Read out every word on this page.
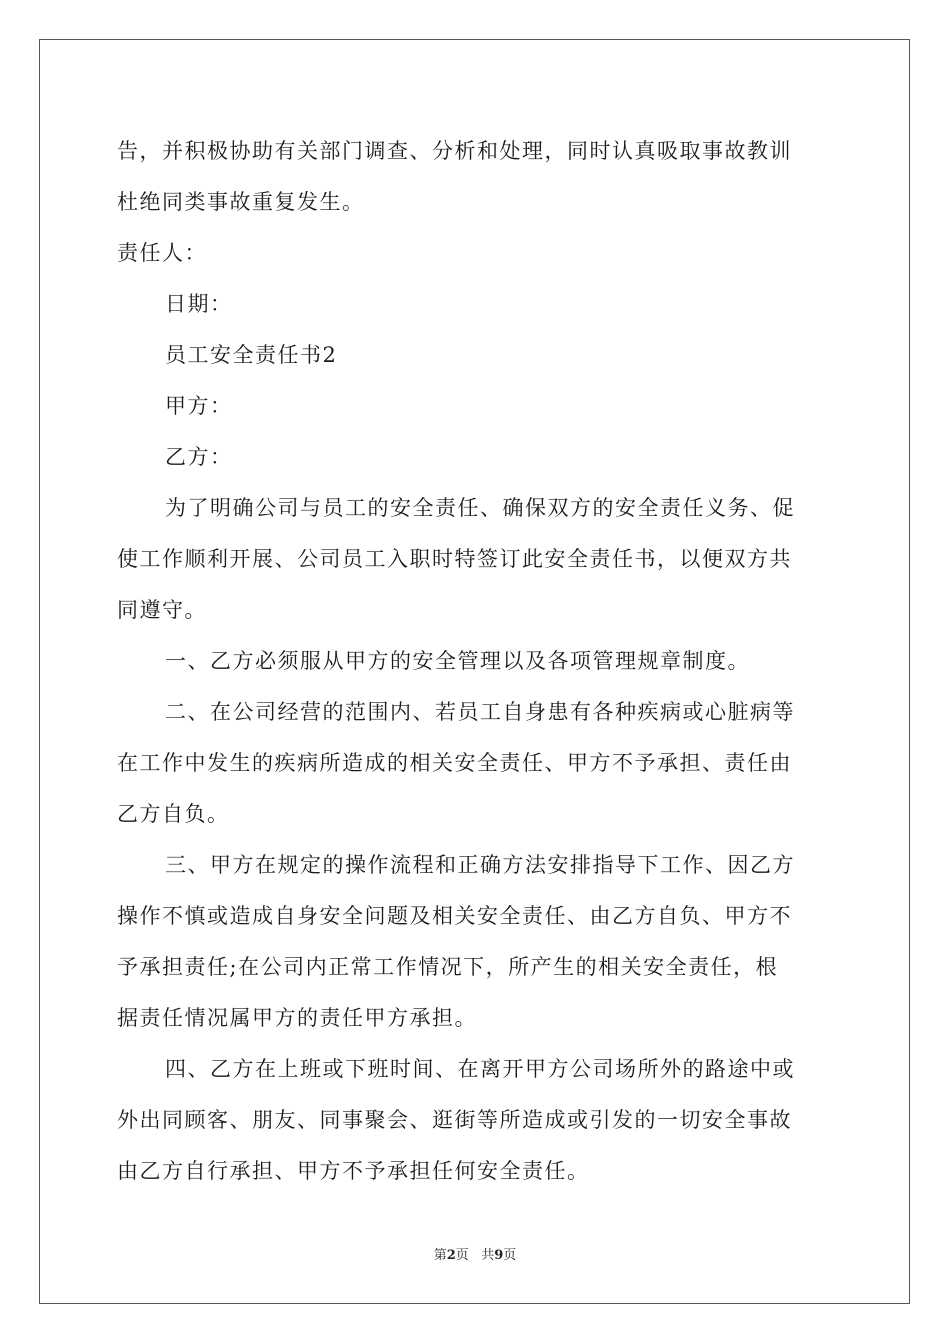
告，并积极协助有关部门调查、分析和处理，同时认真吸取事故教训
杜绝同类事故重复发生。
责任人：
日期：
员工安全责任书2
甲方：
乙方：
为了明确公司与员工的安全责任、确保双方的安全责任义务、促
使工作顺利开展、公司员工入职时特签订此安全责任书，以便双方共
同遵守。
一、乙方必须服从甲方的安全管理以及各项管理规章制度。
二、在公司经营的范围内、若员工自身患有各种疾病或心脏病等
在工作中发生的疾病所造成的相关安全责任、甲方不予承担、责任由
乙方自负。
三、甲方在规定的操作流程和正确方法安排指导下工作、因乙方
操作不慎或造成自身安全问题及相关安全责任、由乙方自负、甲方不
予承担责任;在公司内正常工作情况下，所产生的相关安全责任，根
据责任情况属甲方的责任甲方承担。
四、乙方在上班或下班时间、在离开甲方公司场所外的路途中或
外出同顾客、朋友、同事聚会、逛街等所造成或引发的一切安全事故
由乙方自行承担、甲方不予承担任何安全责任。
第2页 共9页
